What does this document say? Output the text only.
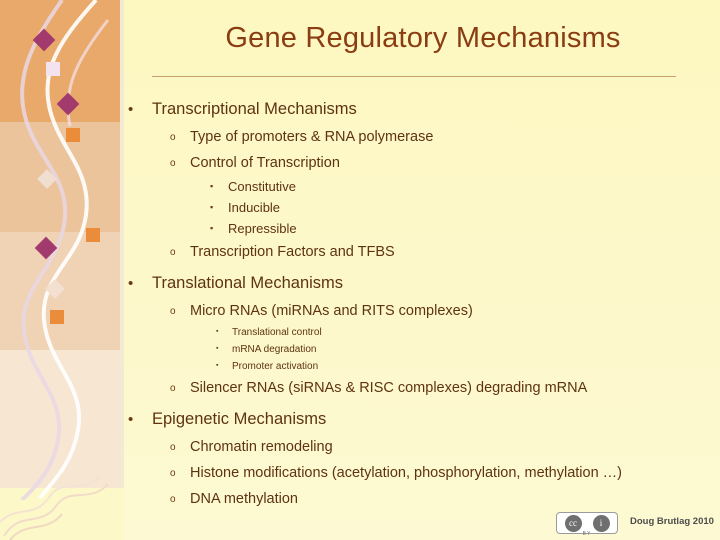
Gene Regulatory Mechanisms
•	Transcriptional Mechanisms
o Type of promoters & RNA polymerase
o Control of Transcription
▪	Constitutive
▪	Inducible
▪	Repressible
o Transcription Factors and TFBS
•	Translational Mechanisms
o Micro RNAs (miRNAs and RITS complexes)
▪	Translational control
▪	mRNA degradation
▪	Promoter activation
o Silencer RNAs (siRNAs & RISC complexes) degrading mRNA
•	Epigenetic Mechanisms
o Chromatin remodeling
o Histone modifications (acetylation, phosphorylation, methylation …)
o DNA methylation
cc	i
BY
Doug Brutlag 2010
